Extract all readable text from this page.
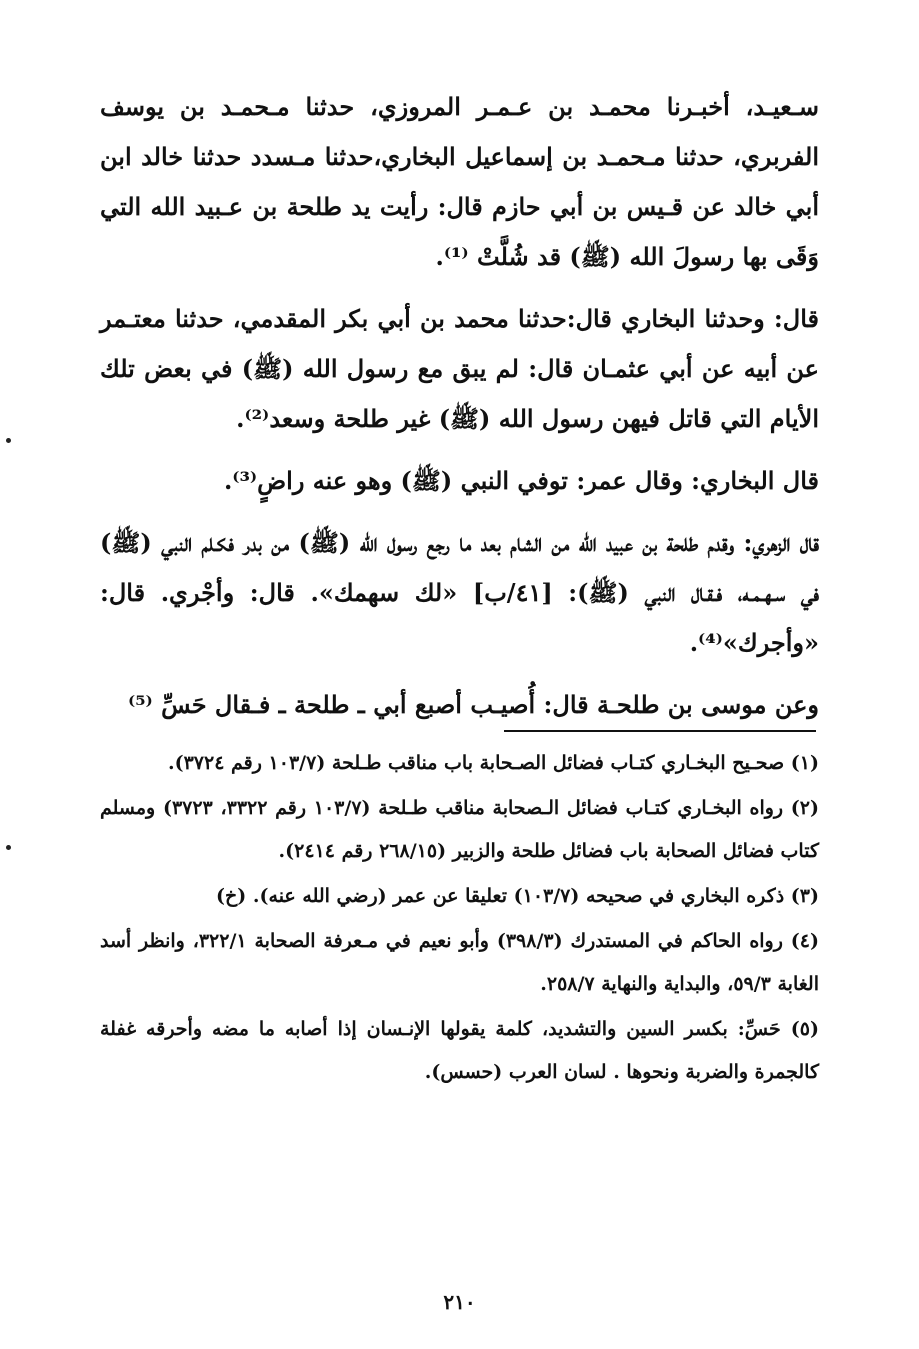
سـعيـد، أخبـرنا محمـد بن عـمـر المروزي، حدثنا مـحمـد بن يوسف الفربري، حدثنا مـحمـد بن إسماعيل البخاري،حدثنا مـسدد حدثنا خالد ابن أبي خالد عن قـيس بن أبي حازم قال: رأيت يد طلحة بن عـبيد الله التي وَقَى بها رسولَ الله (ﷺ) قد شُلَّتْ ⁽¹⁾.

قال: وحدثنا البخاري قال:حدثنا محمد بن أبي بكر المقدمي، حدثنا معتـمر عن أبيه عن أبي عثمـان قال: لم يبق مع رسول الله (ﷺ) في بعض تلك الأيام التي قاتل فيهن رسول الله (ﷺ) غير طلحة وسعد⁽²⁾.

قال البخاري: وقال عمر: توفي النبي (ﷺ) وهو عنه راضٍ⁽³⁾.

قال الزهري: وقدم طلحة بن عبيد الله من الشام بعد ما رجع رسول الله (ﷺ) من بدر فكـلم النبي (ﷺ) في سـهـمـه، فـقـال النبي (ﷺ): [٤١/ب] «لك سهمك». قال: وأجْري. قال: «وأجرك»⁽⁴⁾.

وعن موسى بن طلحـة قال: أُصيـب أصبع أبي ـ طلحة ـ فـقال حَسِّ ⁽⁵⁾

(١) صحـيح البخـاري كتـاب فضائل الصـحابة باب مناقب طـلحة (١٠٣/٧ رقم ٣٧٢٤).

(٢) رواه البخـاري كتـاب فضائل الـصحابة مناقب طـلحة (١٠٣/٧ رقم ٣٣٢٢، ٣٧٢٣) ومسلم كتاب فضائل الصحابة باب فضائل طلحة والزبير (٢٦٨/١٥ رقم ٢٤١٤).

(٣) ذكره البخاري في صحيحه (١٠٣/٧) تعليقا عن عمر (رضي الله عنه). (خ)

(٤) رواه الحاكم في المستدرك (٣٩٨/٣) وأبو نعيم في مـعرفة الصحابة ٣٢٢/١، وانظر أسد الغابة ٥٩/٣، والبداية والنهاية ٢٥٨/٧.

(٥) حَسِّ: بكسر السين والتشديد، كلمة يقولها الإنـسان إذا أصابه ما مضه وأحرقه غفلة كالجمرة والضربة ونحوها . لسان العرب (حسس).

٢١٠
